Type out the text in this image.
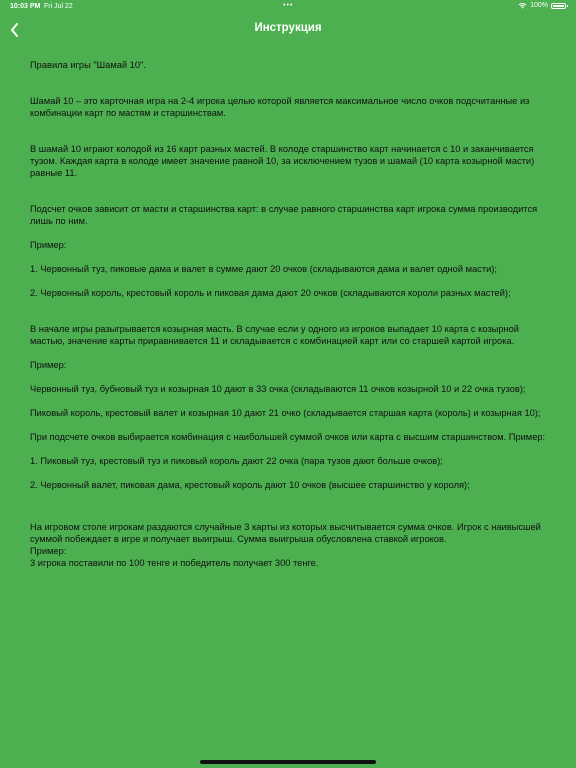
10:03 PM Fri Jul 22	•••	100%
Инструкция

Правила игры "Шамай 10".

Шамай 10 – это карточная игра на 2-4 игрока целью которой является максимальное число очков подсчитанные из комбинации карт по мастям и старшинствам.

В шамай 10 играют колодой из 16 карт разных мастей. В колоде старшинство карт начинается с 10 и заканчивается тузом. Каждая карта в колоде имеет значение равной 10, за исключением тузов и шамай (10 карта козырной масти) равные 11.

Подсчет очков зависит от масти и старшинства карт: в случае равного старшинства карт игрока сумма производится лишь по ним.

Пример:

1. Червонный туз, пиковые дама и валет в сумме дают 20 очков (складываются дама и валет одной масти);

2. Червонный король, крестовый король и пиковая дама дают 20 очков (складываются короли разных мастей);

В начале игры разыгрывается козырная масть. В случае если у одного из игроков выпадает 10 карта с козырной мастью, значение карты приравнивается 11 и складывается с комбинацией карт или со старшей картой игрока.

Пример:

Червонный туз, бубновый туз и козырная 10 дают в 33 очка (складываются 11 очков козырной 10 и 22 очка тузов);

Пиковый король, крестовый валет и козырная 10 дают 21 очко (складывается старшая карта (король) и козырная 10);

При подсчете очков выбирается комбинация с наибольшей суммой очков или карта с высшим старшинством. Пример:

1. Пиковый туз, крестовый туз и пиковый король дают 22 очка (пара тузов дают больше очков);

2. Червонный валет, пиковая дама, крестовый король дают 10 очков (высшее старшинство у короля);

На игровом столе игрокам раздаются случайные 3 карты из которых высчитывается сумма очков. Игрок с наивысшей суммой побеждает в игре и получает выигрыш. Сумма выигрыша обусловлена ставкой игроков.
Пример:
3 игрока поставили по 100 тенге и победитель получает 300 тенге.
